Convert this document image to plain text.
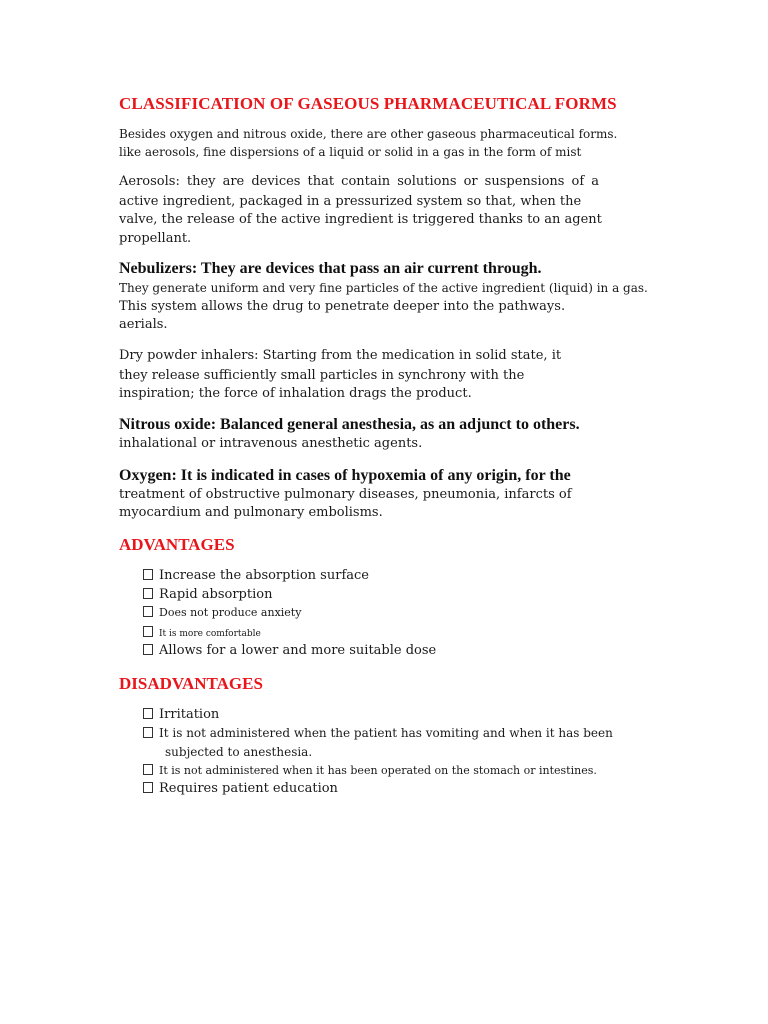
CLASSIFICATION OF GASEOUS PHARMACEUTICAL FORMS
Besides oxygen and nitrous oxide, there are other gaseous pharmaceutical forms.
like aerosols, fine dispersions of a liquid or solid in a gas in the form of mist
Aerosols: they are devices that contain solutions or suspensions of a
active ingredient, packaged in a pressurized system so that, when the
valve, the release of the active ingredient is triggered thanks to an agent
propellant.
Nebulizers: They are devices that pass an air current through.
They generate uniform and very fine particles of the active ingredient (liquid) in a gas.
This system allows the drug to penetrate deeper into the pathways.
aerials.
Dry powder inhalers: Starting from the medication in solid state, it
they release sufficiently small particles in synchrony with the
inspiration; the force of inhalation drags the product.
Nitrous oxide: Balanced general anesthesia, as an adjunct to others.
inhalational or intravenous anesthetic agents.
Oxygen: It is indicated in cases of hypoxemia of any origin, for the
treatment of obstructive pulmonary diseases, pneumonia, infarcts of
myocardium and pulmonary embolisms.
ADVANTAGES
Increase the absorption surface
Rapid absorption
Does not produce anxiety
It is more comfortable
Allows for a lower and more suitable dose
DISADVANTAGES
Irritation
It is not administered when the patient has vomiting and when it has been
subjected to anesthesia.
It is not administered when it has been operated on the stomach or intestines.
Requires patient education
